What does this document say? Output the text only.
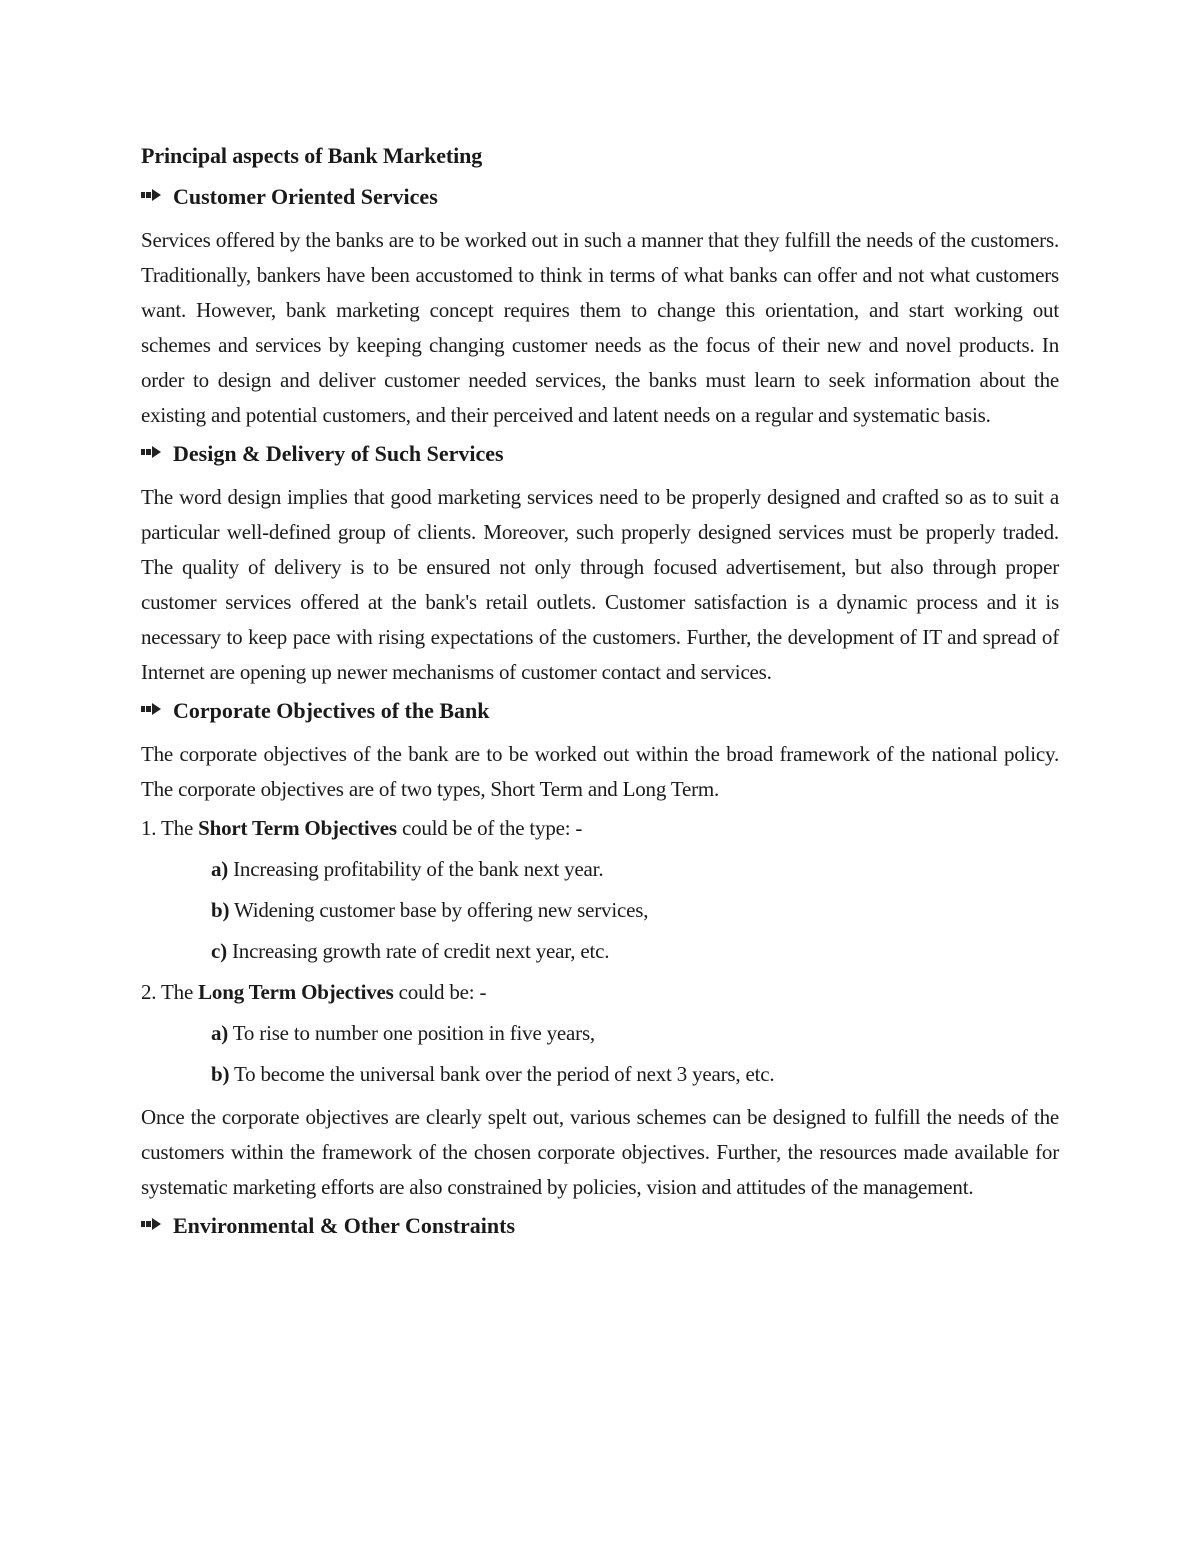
Principal aspects of Bank Marketing
Customer Oriented Services

Services offered by the banks are to be worked out in such a manner that they fulfill the needs of the customers. Traditionally, bankers have been accustomed to think in terms of what banks can offer and not what customers want. However, bank marketing concept requires them to change this orientation, and start working out schemes and services by keeping changing customer needs as the focus of their new and novel products. In order to design and deliver customer needed services, the banks must learn to seek information about the existing and potential customers, and their perceived and latent needs on a regular and systematic basis.

Design & Delivery of Such Services

The word design implies that good marketing services need to be properly designed and crafted so as to suit a particular well-defined group of clients. Moreover, such properly designed services must be properly traded. The quality of delivery is to be ensured not only through focused advertisement, but also through proper customer services offered at the bank's retail outlets. Customer satisfaction is a dynamic process and it is necessary to keep pace with rising expectations of the customers. Further, the development of IT and spread of Internet are opening up newer mechanisms of customer contact and services.

Corporate Objectives of the Bank

The corporate objectives of the bank are to be worked out within the broad framework of the national policy. The corporate objectives are of two types, Short Term and Long Term.

1. The Short Term Objectives could be of the type: -
a) Increasing profitability of the bank next year.
b) Widening customer base by offering new services,
c) Increasing growth rate of credit next year, etc.
2. The Long Term Objectives could be: -
a) To rise to number one position in five years,
b) To become the universal bank over the period of next 3 years, etc.

Once the corporate objectives are clearly spelt out, various schemes can be designed to fulfill the needs of the customers within the framework of the chosen corporate objectives. Further, the resources made available for systematic marketing efforts are also constrained by policies, vision and attitudes of the management.

Environmental & Other Constraints
